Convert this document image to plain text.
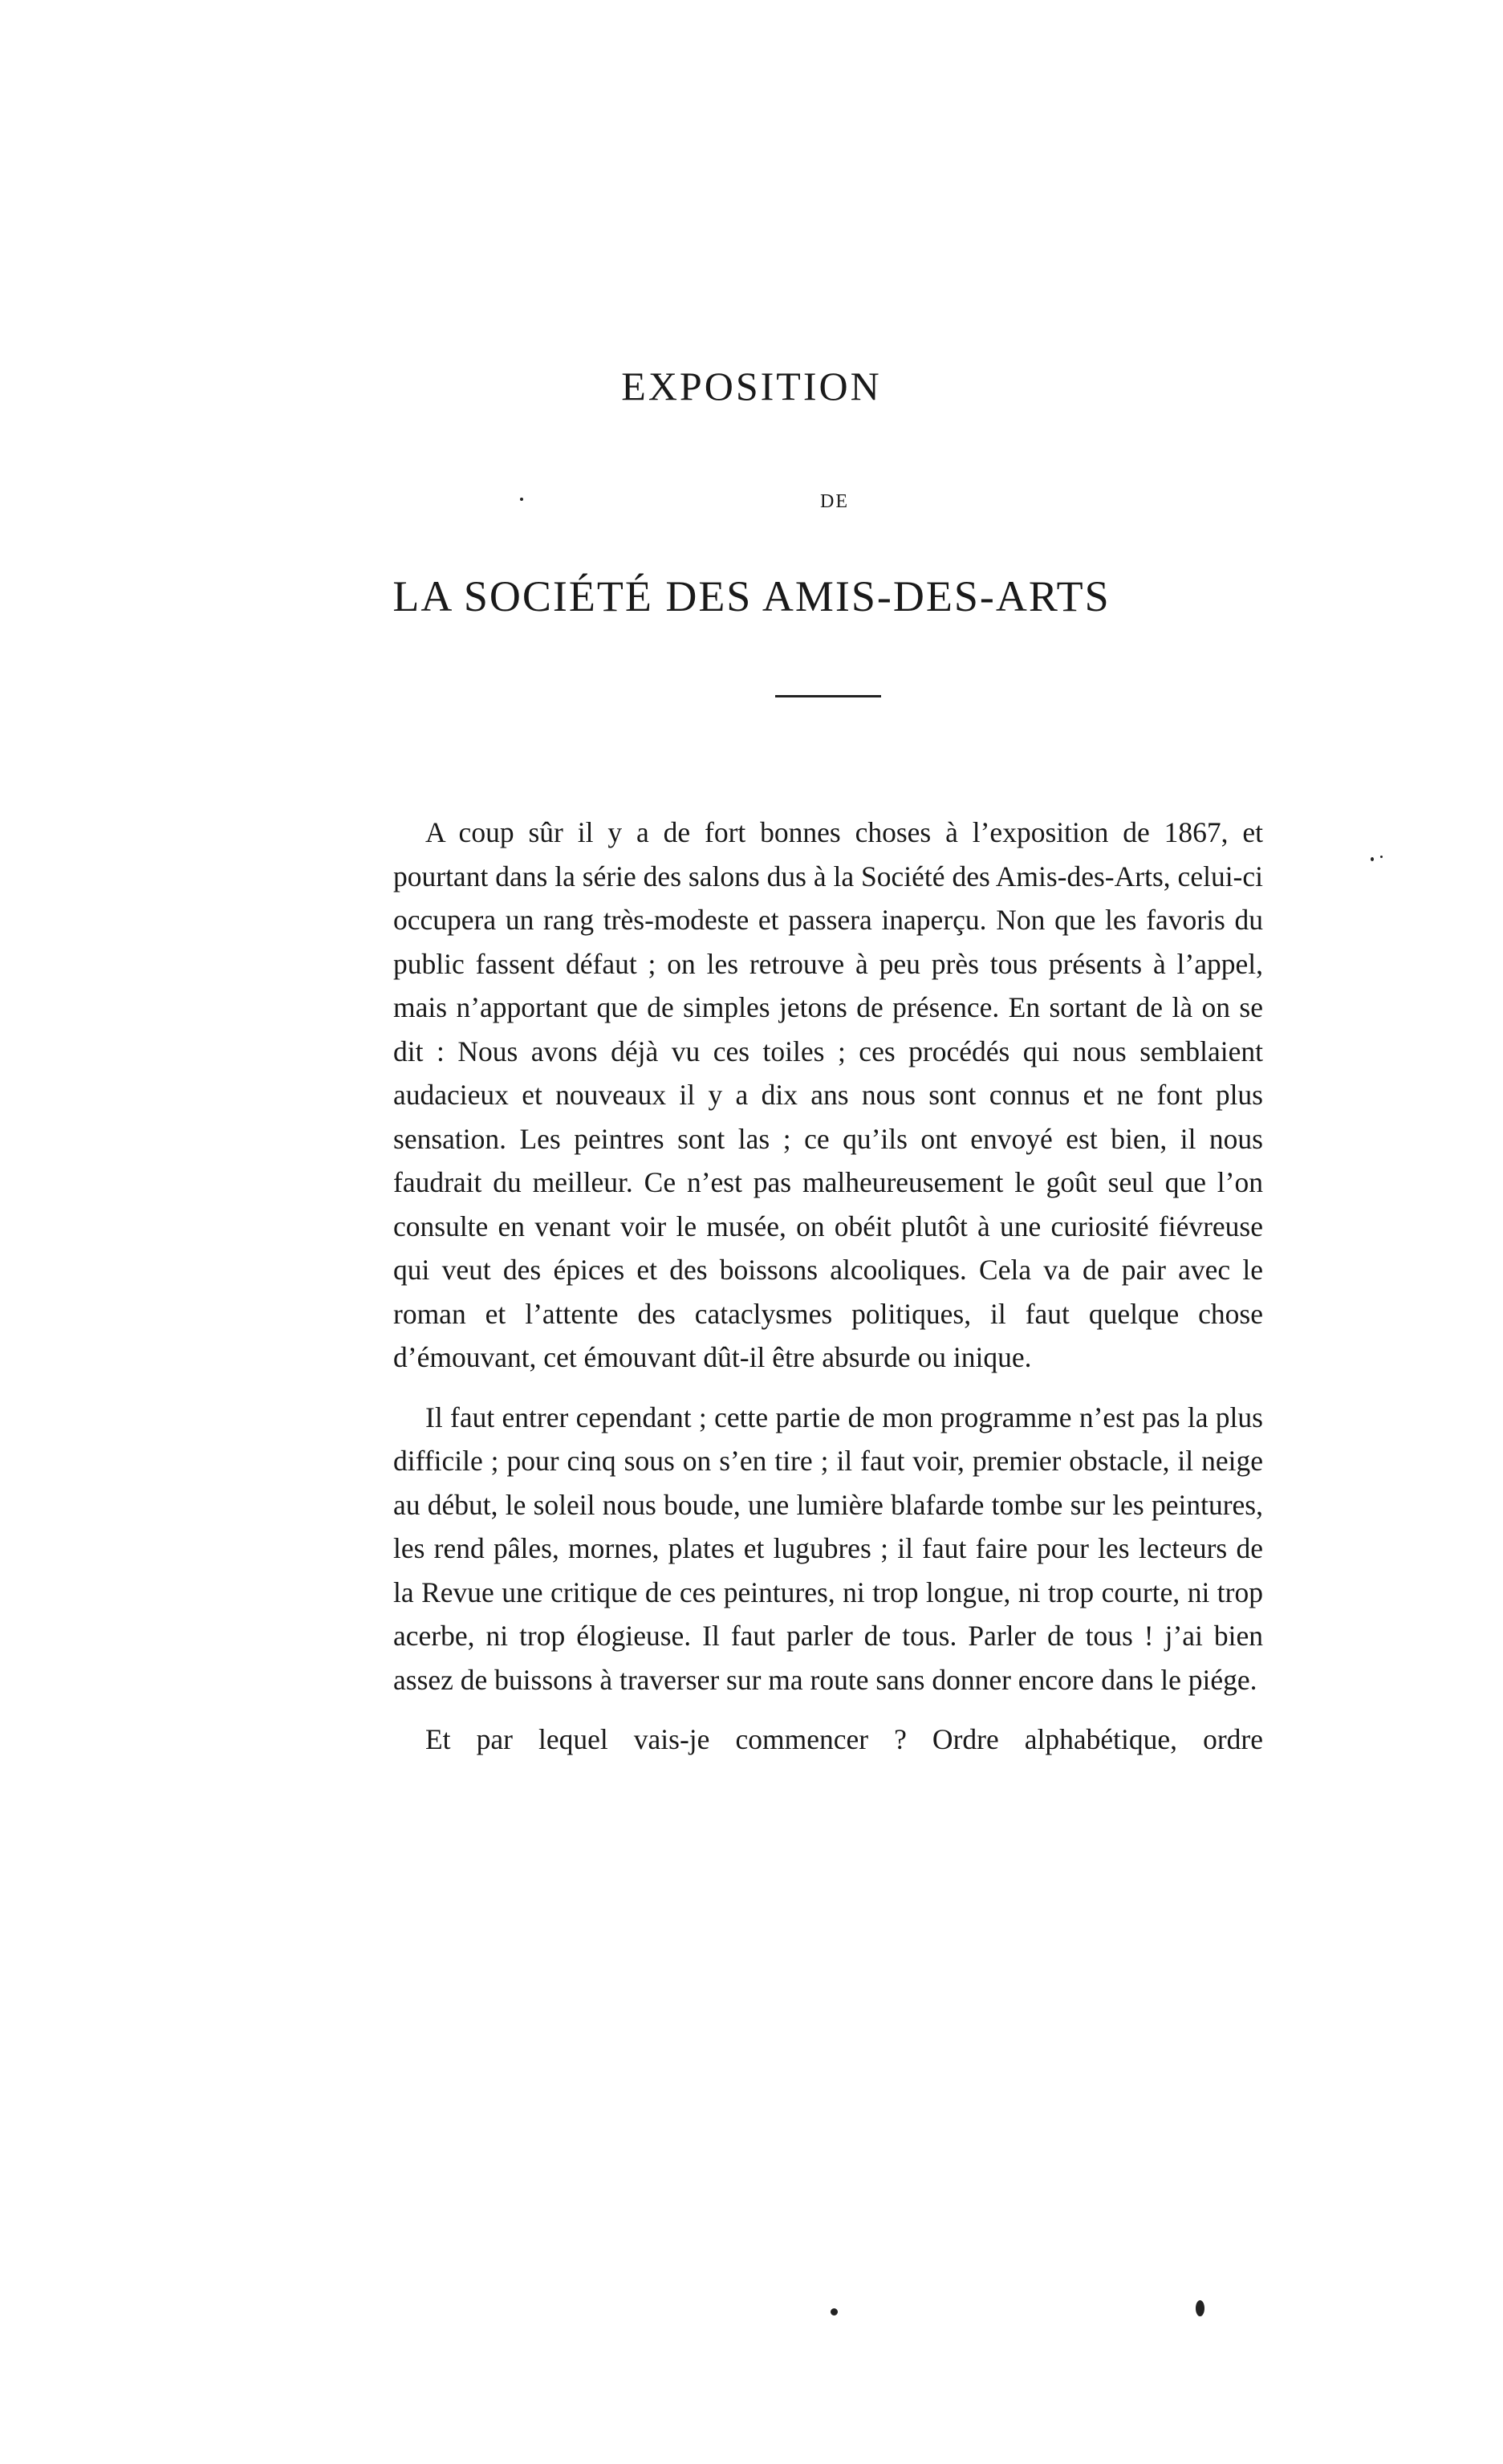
EXPOSITION
DE
LA SOCIÉTÉ DES AMIS-DES-ARTS

A coup sûr il y a de fort bonnes choses à l’exposition de 1867, et pourtant dans la série des salons dus à la Société des Amis-des-Arts, celui-ci occupera un rang très-modeste et passera inaperçu. Non que les favoris du public fassent défaut ; on les retrouve à peu près tous présents à l’appel, mais n’apportant que de simples jetons de présence. En sortant de là on se dit : Nous avons déjà vu ces toiles ; ces procédés qui nous semblaient audacieux et nouveaux il y a dix ans nous sont connus et ne font plus sensation. Les peintres sont las ; ce qu’ils ont envoyé est bien, il nous faudrait du meilleur. Ce n’est pas malheureusement le goût seul que l’on consulte en venant voir le musée, on obéit plutôt à une curiosité fiévreuse qui veut des épices et des boissons alcooliques. Cela va de pair avec le roman et l’attente des cataclysmes politiques, il faut quelque chose d’émouvant, cet émouvant dût-il être absurde ou inique.

Il faut entrer cependant ; cette partie de mon programme n’est pas la plus difficile ; pour cinq sous on s’en tire ; il faut voir, premier obstacle, il neige au début, le soleil nous boude, une lumière blafarde tombe sur les peintures, les rend pâles, mornes, plates et lugubres ; il faut faire pour les lecteurs de la Revue une critique de ces peintures, ni trop longue, ni trop courte, ni trop acerbe, ni trop élogieuse. Il faut parler de tous. Parler de tous ! j’ai bien assez de buissons à traverser sur ma route sans donner encore dans le piége.

Et par lequel vais-je commencer ? Ordre alphabétique, ordre
